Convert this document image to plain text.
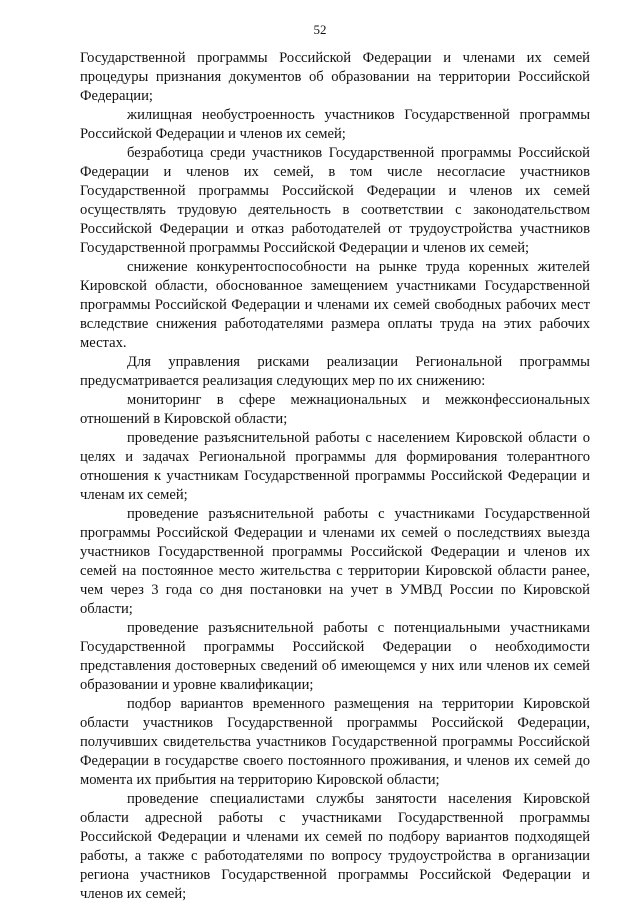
52

Государственной программы Российской Федерации и членами их семей процедуры признания документов об образовании на территории Российской Федерации;

жилищная необустроенность участников Государственной программы Российской Федерации и членов их семей;

безработица среди участников Государственной программы Российской Федерации и членов их семей, в том числе несогласие участников Государственной программы Российской Федерации и членов их семей осуществлять трудовую деятельность в соответствии с законодательством Российской Федерации и отказ работодателей от трудоустройства участников Государственной программы Российской Федерации и членов их семей;

снижение конкурентоспособности на рынке труда коренных жителей Кировской области, обоснованное замещением участниками Государственной программы Российской Федерации и членами их семей свободных рабочих мест вследствие снижения работодателями размера оплаты труда на этих рабочих местах.

Для управления рисками реализации Региональной программы предусматривается реализация следующих мер по их снижению:

мониторинг в сфере межнациональных и межконфессиональных отношений в Кировской области;

проведение разъяснительной работы с населением Кировской области о целях и задачах Региональной программы для формирования толерантного отношения к участникам Государственной программы Российской Федерации и членам их семей;

проведение разъяснительной работы с участниками Государственной программы Российской Федерации и членами их семей о последствиях выезда участников Государственной программы Российской Федерации и членов их семей на постоянное место жительства с территории Кировской области ранее, чем через 3 года со дня постановки на учет в УМВД России по Кировской области;

проведение разъяснительной работы с потенциальными участниками Государственной программы Российской Федерации о необходимости представления достоверных сведений об имеющемся у них или членов их семей образовании и уровне квалификации;

подбор вариантов временного размещения на территории Кировской области участников Государственной программы Российской Федерации, получивших свидетельства участников Государственной программы Российской Федерации в государстве своего постоянного проживания, и членов их семей до момента их прибытия на территорию Кировской области;

проведение специалистами службы занятости населения Кировской области адресной работы с участниками Государственной программы Российской Федерации и членами их семей по подбору вариантов подходящей работы, а также с работодателями по вопросу трудоустройства в организации региона участников Государственной программы Российской Федерации и членов их семей;
